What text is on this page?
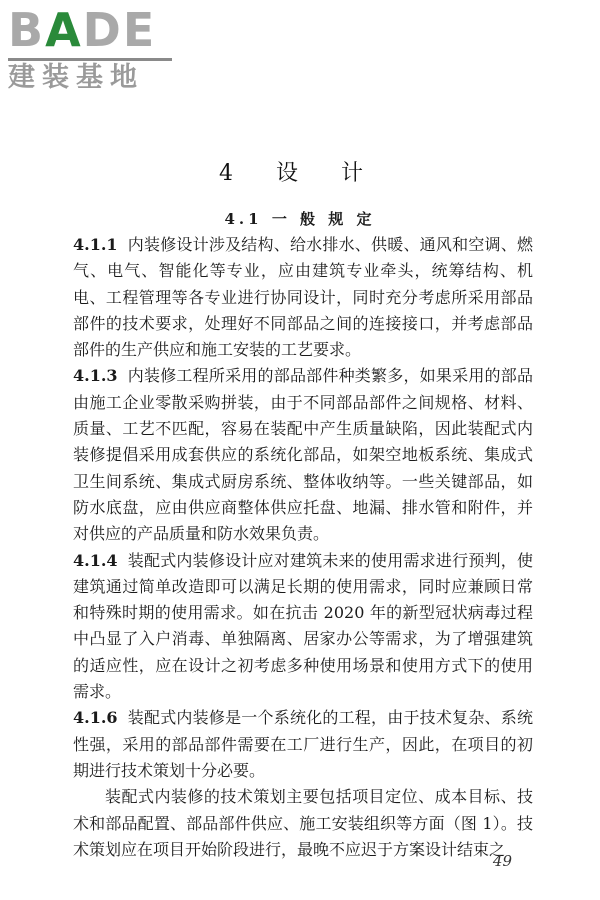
BADE
建装基地
4 设 计
4.1 一 般 规 定

4.1.1 内装修设计涉及结构、给水排水、供暖、通风和空调、燃气、电气、智能化等专业，应由建筑专业牵头，统筹结构、机电、工程管理等各专业进行协同设计，同时充分考虑所采用部品部件的技术要求，处理好不同部品之间的连接接口，并考虑部品部件的生产供应和施工安装的工艺要求。

4.1.3 内装修工程所采用的部品部件种类繁多，如果采用的部品由施工企业零散采购拼装，由于不同部品部件之间规格、材料、质量、工艺不匹配，容易在装配中产生质量缺陷，因此装配式内装修提倡采用成套供应的系统化部品，如架空地板系统、集成式卫生间系统、集成式厨房系统、整体收纳等。一些关键部品，如防水底盘，应由供应商整体供应托盘、地漏、排水管和附件，并对供应的产品质量和防水效果负责。

4.1.4 装配式内装修设计应对建筑未来的使用需求进行预判，使建筑通过简单改造即可以满足长期的使用需求，同时应兼顾日常和特殊时期的使用需求。如在抗击 2020 年的新型冠状病毒过程中凸显了入户消毒、单独隔离、居家办公等需求，为了增强建筑的适应性，应在设计之初考虑多种使用场景和使用方式下的使用需求。

4.1.6 装配式内装修是一个系统化的工程，由于技术复杂、系统性强，采用的部品部件需要在工厂进行生产，因此，在项目的初期进行技术策划十分必要。

装配式内装修的技术策划主要包括项目定位、成本目标、技术和部品配置、部品部件供应、施工安装组织等方面（图 1）。技术策划应在项目开始阶段进行，最晚不应迟于方案设计结束之

49
